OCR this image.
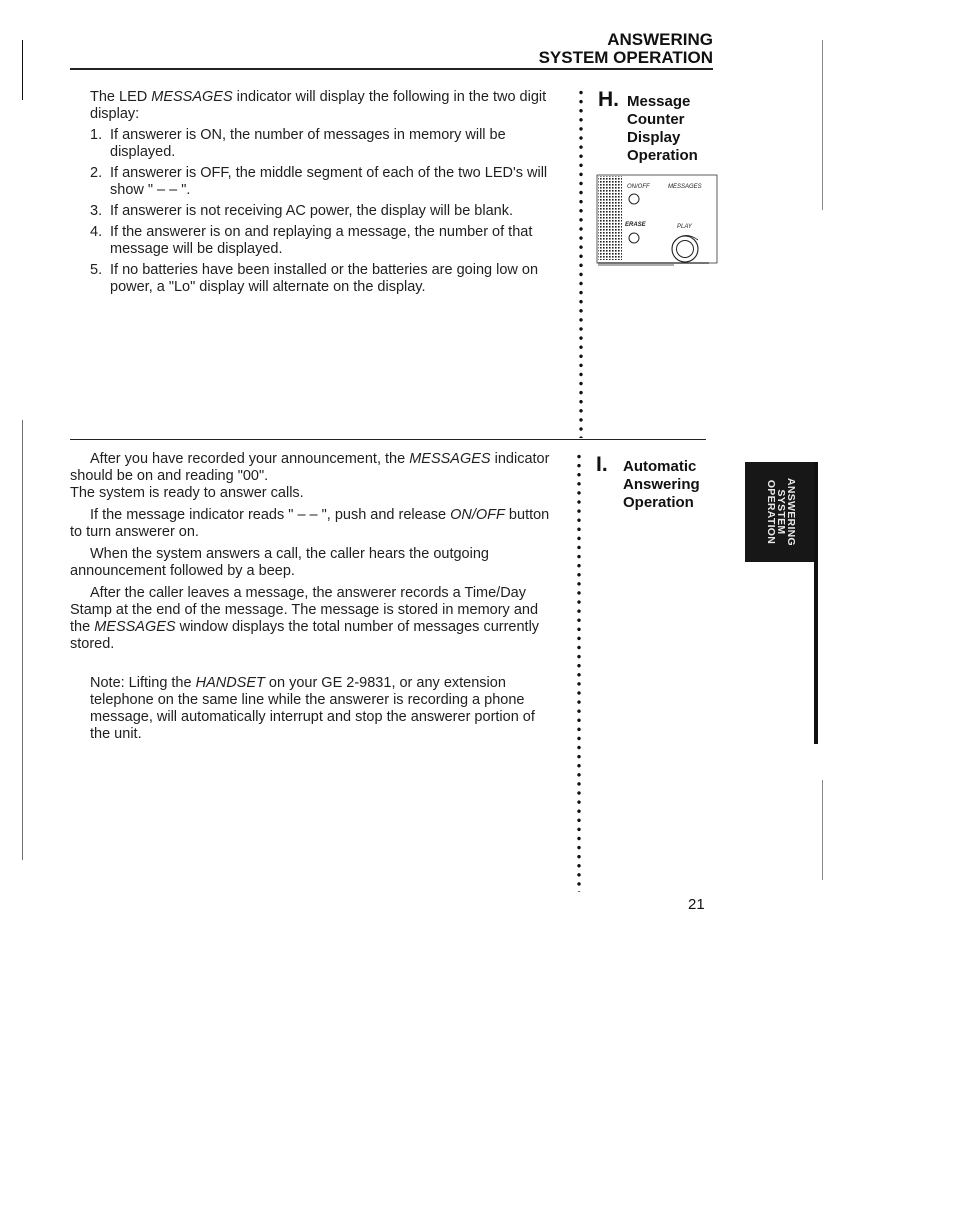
ANSWERING
SYSTEM OPERATION

The LED MESSAGES indicator will display the following in the two digit display:

1. If answerer is ON, the number of messages in memory will be displayed.
2. If answerer is OFF, the middle segment of each of the two LED's will show " – – ".
3. If answerer is not receiving AC power, the display will be blank.
4. If the answerer is on and replaying a message, the number of that message will be displayed.
5. If no batteries have been installed or the batteries are going low on power, a "Lo" display will alternate on the display.
H. Message
Counter
Display
Operation
ON/OFF	MESSAGES
ERASE	PLAY

After you have recorded your announcement, the MESSAGES indicator should be on and reading "00".

The system is ready to answer calls.

If the message indicator reads " – – ", push and release ON/OFF button to turn answerer on.

When the system answers a call, the caller hears the outgoing announcement followed by a beep.

After the caller leaves a message, the answerer records a Time/Day Stamp at the end of the message. The message is stored in memory and the MESSAGES window displays the total number of messages currently stored.

Note: Lifting the HANDSET on your GE 2-9831, or any extension telephone on the same line while the answerer is recording a phone message, will automatically interrupt and stop the answerer portion of the unit.

I. Automatic
Answering
Operation	ANSWERING
SYSTEM
OPERATION
21
